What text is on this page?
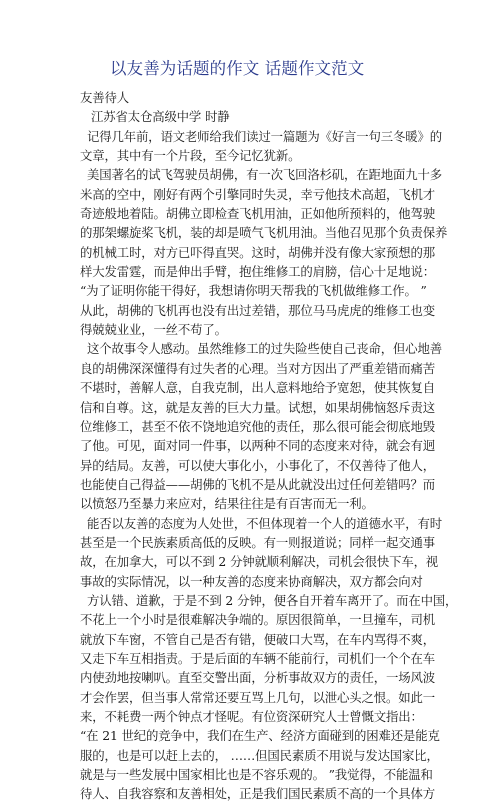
以友善为话题的作文 话题作文范文
友善待人
江苏省太仓高级中学 时静
记得几年前，语文老师给我们读过一篇题为《好言一句三冬暖》的
文章，其中有一个片段，至今记忆犹新。
美国著名的试飞驾驶员胡佛，有一次飞回洛杉矶，在距地面九十多
米高的空中，刚好有两个引擎同时失灵，幸亏他技术高超，飞机才
奇迹般地着陆。胡佛立即检查飞机用油，正如他所预料的，他驾驶
的那架螺旋桨飞机，装的却是喷气飞机用油。当他召见那个负责保养
的机械工时，对方已吓得直哭。这时，胡佛并没有像大家预想的那
样大发雷霆，而是伸出手臂，抱住维修工的肩膀，信心十足地说：
“为了证明你能干得好，我想请你明天帮我的飞机做维修工作。 ”
从此，胡佛的飞机再也没有出过差错，那位马马虎虎的维修工也变
得兢兢业业，一丝不苟了。
这个故事令人感动。虽然维修工的过失险些使自己丧命，但心地善
良的胡佛深深懂得有过失者的心理。当对方因出了严重差错而痛苦
不堪时，善解人意，自我克制，出人意料地给予宽恕，使其恢复自
信和自尊。这，就是友善的巨大力量。试想，如果胡佛恼怒斥责这
位维修工，甚至不依不饶地追究他的责任，那么很可能会彻底地毁
了他。可见，面对同一件事，以两种不同的态度来对待，就会有迥
异的结局。友善，可以使大事化小，小事化了，不仅善待了他人，
也能使自己得益——胡佛的飞机不是从此就没出过任何差错吗？而
以愤怒乃至暴力来应对，结果往往是有百害而无一利。
能否以友善的态度为人处世，不但体现着一个人的道德水平，有时
甚至是一个民族素质高低的反映。有一则报道说；同样一起交通事
故，在加拿大，可以不到 2 分钟就顺利解决，司机会很快下车，视
事故的实际情况，以一种友善的态度来协商解决，双方都会向对
方认错、道歉，于是不到 2 分钟，便各自开着车离开了。而在中国，
不花上一个小时是很难解决争端的。原因很简单，一旦撞车，司机
就放下车窗，不管自己是否有错，便破口大骂，在车内骂得不爽，
又走下车互相指责。于是后面的车辆不能前行，司机们一个个在车
内使劲地按喇叭。直至交警出面，分析事故双方的责任，一场风波
才会作罢，但当事人常常还要互骂上几句，以泄心头之恨。如此一
来，不耗费一两个钟点才怪呢。有位资深研究人士曾慨文指出：
“在 21 世纪的竞争中，我们在生产、经济方面碰到的困难还是能克
服的，也是可以赶上去的， ……但国民素质不用说与发达国家比，
就是与一些发展中国家相比也是不容乐观的。 ”我觉得，不能温和
待人、自我容察和友善相处，正是我们国民素质不高的一个具体方
